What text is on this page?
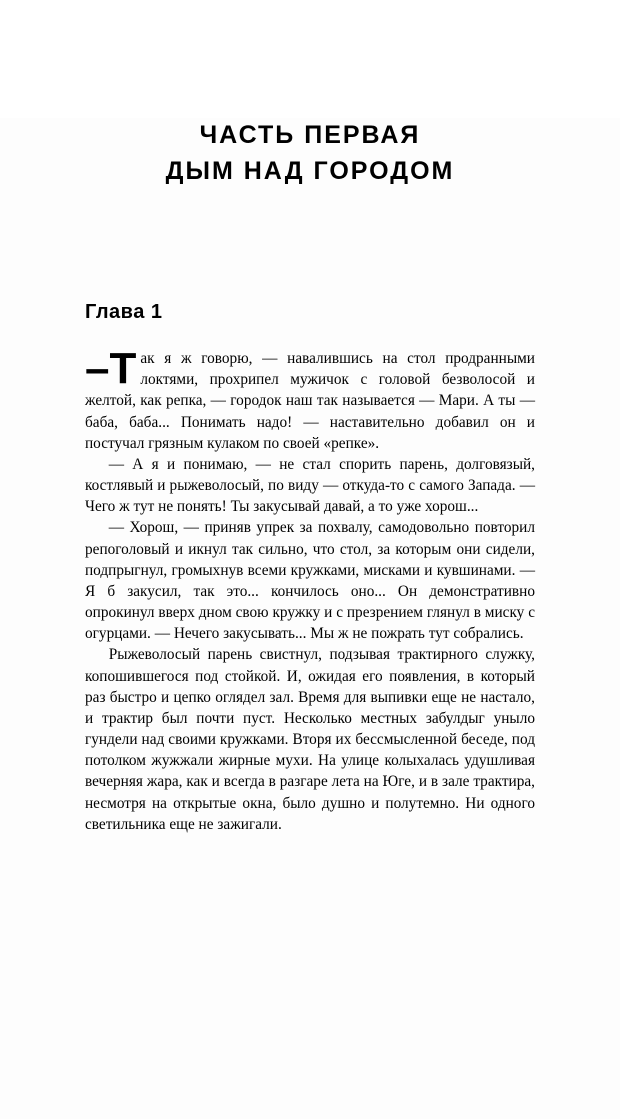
ЧАСТЬ ПЕРВАЯ
ДЫМ НАД ГОРОДОМ
Глава 1

–Т ак я ж говорю, — навалившись на стол продранными локтями, прохрипел мужичок с головой безволосой и желтой, как репка, — городок наш так называется — Мари. А ты — баба, баба... Понимать надо! — наставительно добавил он и постучал грязным кулаком по своей «репке».

— А я и понимаю, — не стал спорить парень, долговязый, костлявый и рыжеволосый, по виду — откуда-то с самого Запада. — Чего ж тут не понять! Ты закусывай давай, а то уже хорош...

— Хорош, — приняв упрек за похвалу, самодовольно повторил репоголовый и икнул так сильно, что стол, за которым они сидели, подпрыгнул, громыхнув всеми кружками, мисками и кувшинами. — Я б закусил, так это... кончилось оно... Он демонстративно опрокинул вверх дном свою кружку и с презрением глянул в миску с огурцами. — Нечего закусывать... Мы ж не пожрать тут собрались.

Рыжеволосый парень свистнул, подзывая трактирного служку, копошившегося под стойкой. И, ожидая его появления, в который раз быстро и цепко оглядел зал. Время для выпивки еще не настало, и трактир был почти пуст. Несколько местных забулдыг уныло гундели над своими кружками. Вторя их бессмысленной беседе, под потолком жужжали жирные мухи. На улице колыхалась удушливая вечерняя жара, как и всегда в разгаре лета на Юге, и в зале трактира, несмотря на открытые окна, было душно и полутемно. Ни одного светильника еще не зажигали.
